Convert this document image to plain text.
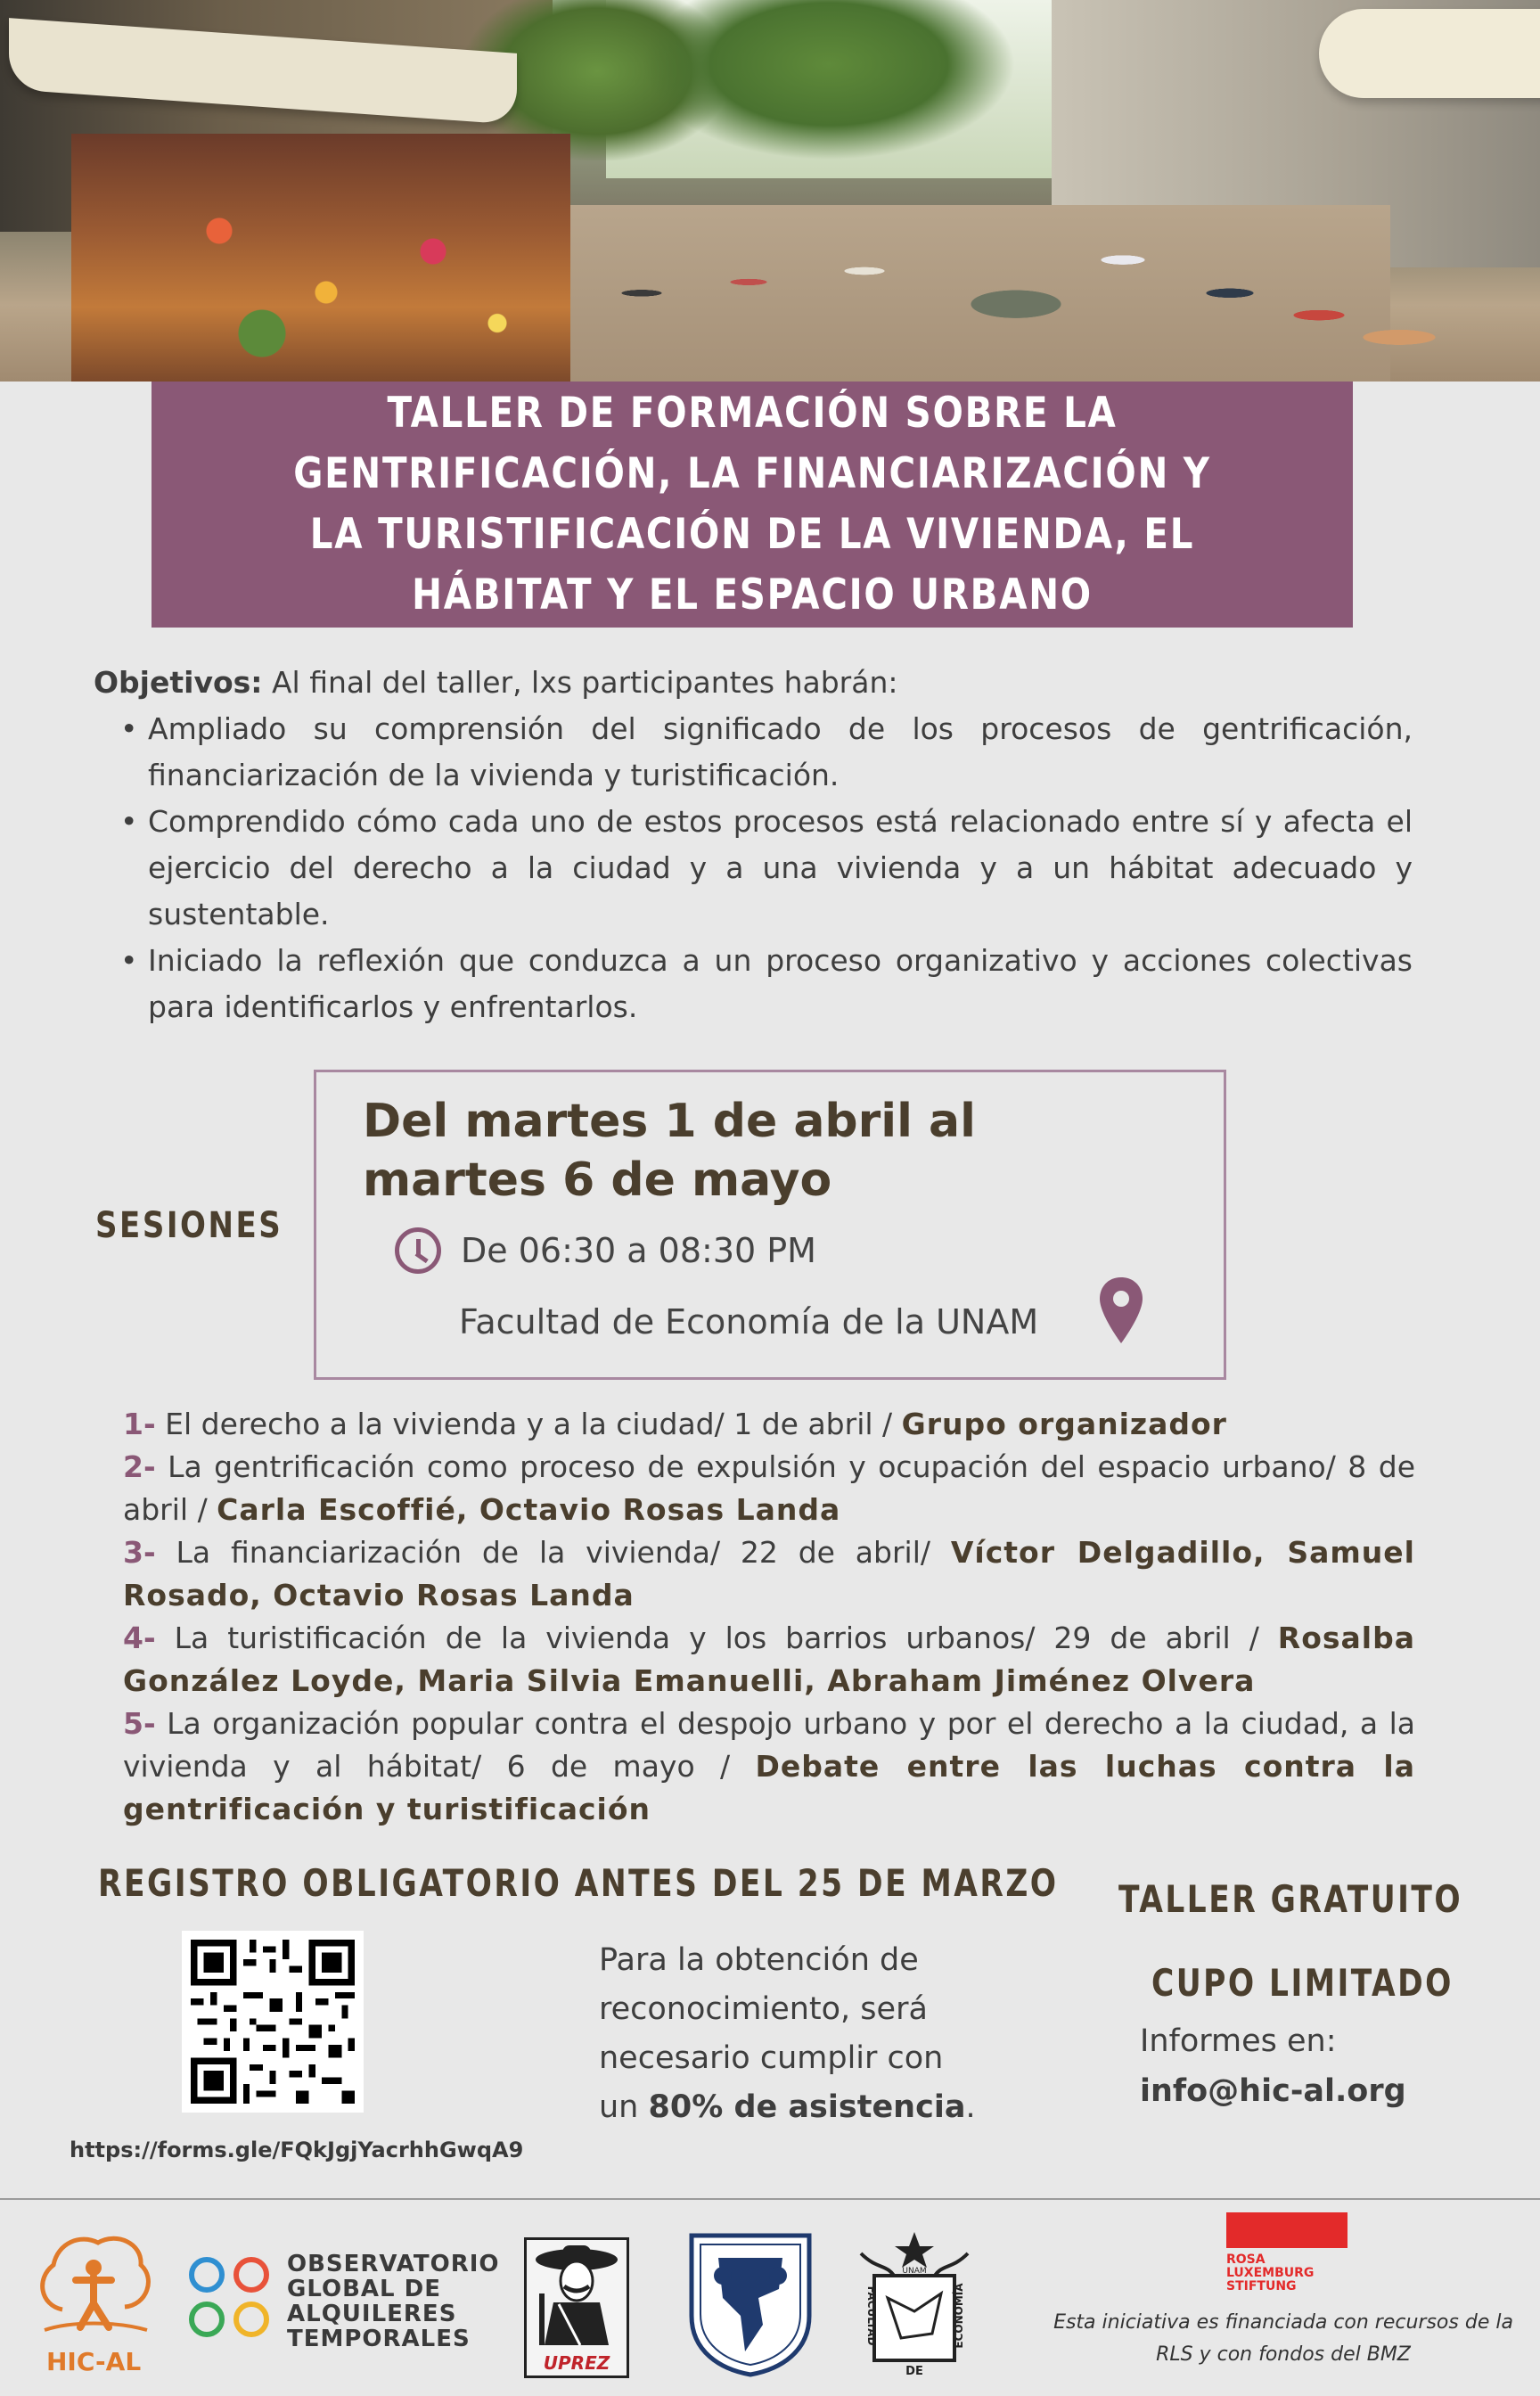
TALLER DE FORMACIÓN SOBRE LA GENTRIFICACIÓN, LA FINANCIARIZACIÓN Y LA TURISTIFICACIÓN DE LA VIVIENDA, EL HÁBITAT Y EL ESPACIO URBANO

Objetivos: Al final del taller, lxs participantes habrán:

• Ampliado su comprensión del significado de los procesos de gentrificación, financiarización de la vivienda y turistificación.
• Comprendido cómo cada uno de estos procesos está relacionado entre sí y afecta el ejercicio del derecho a la ciudad y a una vivienda y a un hábitat adecuado y sustentable.
• Iniciado la reflexión que conduzca a un proceso organizativo y acciones colectivas para identificarlos y enfrentarlos.
SESIONES
Del martes 1 de abril al martes 6 de mayo
De 06:30 a 08:30 PM
Facultad de Economía de la UNAM

1- El derecho a la vivienda y a la ciudad/ 1 de abril / Grupo organizador

2- La gentrificación como proceso de expulsión y ocupación del espacio urbano/ 8 de abril / Carla Escoffié, Octavio Rosas Landa

3- La financiarización de la vivienda/ 22 de abril/ Víctor Delgadillo, Samuel Rosado, Octavio Rosas Landa

4- La turistificación de la vivienda y los barrios urbanos/ 29 de abril / Rosalba González Loyde, Maria Silvia Emanuelli, Abraham Jiménez Olvera

5- La organización popular contra el despojo urbano y por el derecho a la ciudad, a la vivienda y al hábitat/ 6 de mayo / Debate entre las luchas contra la gentrificación y turistificación

REGISTRO OBLIGATORIO ANTES DEL 25 DE MARZO
https://forms.gle/FQkJgjYacrhhGwqA9
Para la obtención de reconocimiento, será necesario cumplir con un 80% de asistencia.
TALLER GRATUITO
CUPO LIMITADO
Informes en:
info@hic-al.org
HIC-AL
OBSERVATORIO
GLOBAL DE
ALQUILERES
TEMPORALES
UPREZ
FACULTAD	ECONOMÍA
DE
UNAM
ROSA
LUXEMBURG
STIFTUNG
Esta iniciativa es financiada con recursos de la RLS y con fondos del BMZ
